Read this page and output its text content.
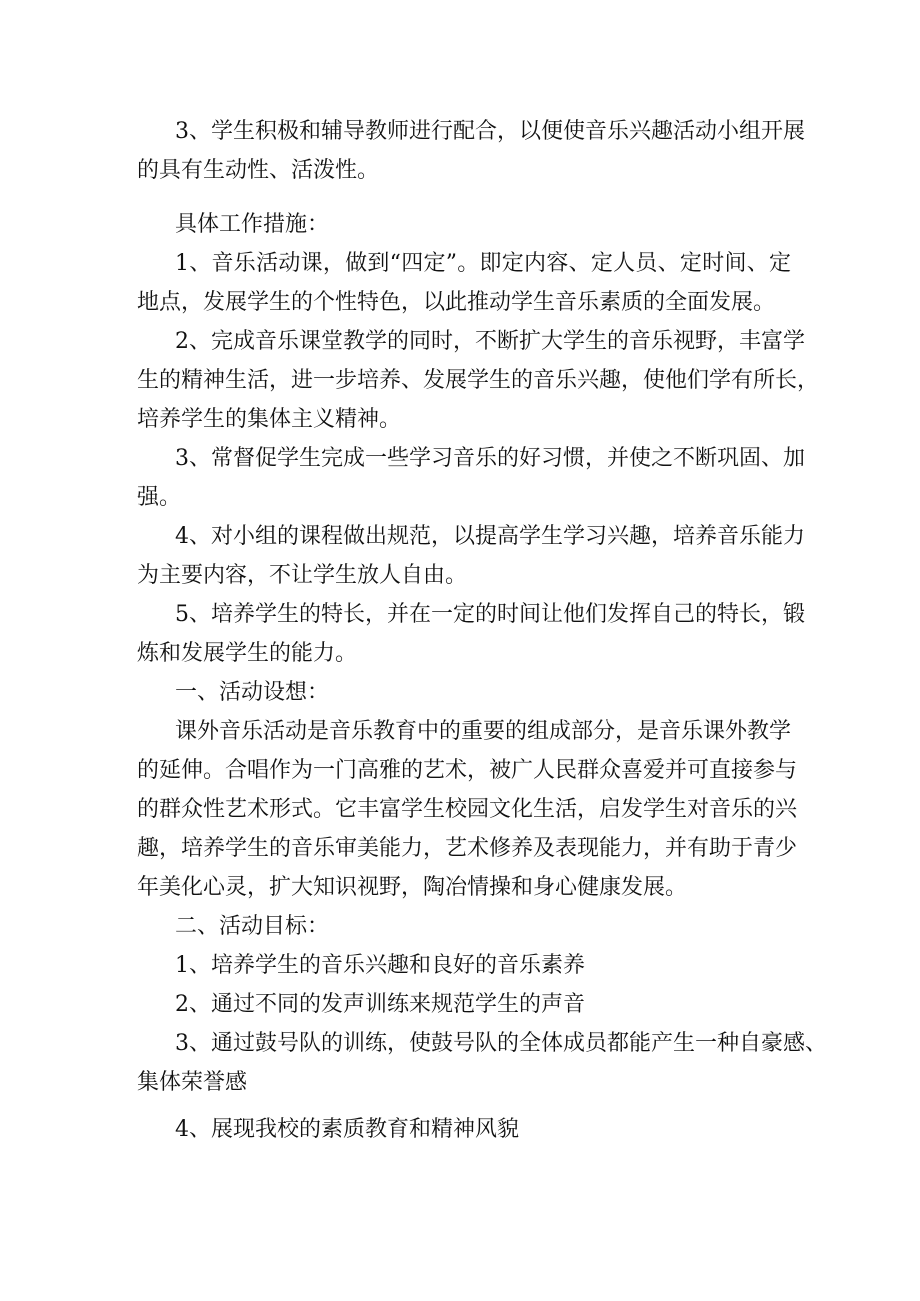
3、学生积极和辅导教师进行配合，以便使音乐兴趣活动小组开展
的具有生动性、活泼性。
具体工作措施：
1、音乐活动课，做到“四定”。即定内容、定人员、定时间、定
地点，发展学生的个性特色，以此推动学生音乐素质的全面发展。
2、完成音乐课堂教学的同时，不断扩大学生的音乐视野，丰富学
生的精神生活，进一步培养、发展学生的音乐兴趣，使他们学有所长，
培养学生的集体主义精神。
3、常督促学生完成一些学习音乐的好习惯，并使之不断巩固、加
强。
4、对小组的课程做出规范，以提高学生学习兴趣，培养音乐能力
为主要内容，不让学生放人自由。
5、培养学生的特长，并在一定的时间让他们发挥自己的特长，锻
炼和发展学生的能力。
一、活动设想：
课外音乐活动是音乐教育中的重要的组成部分，是音乐课外教学
的延伸。合唱作为一门高雅的艺术，被广人民群众喜爱并可直接参与
的群众性艺术形式。它丰富学生校园文化生活，启发学生对音乐的兴
趣，培养学生的音乐审美能力，艺术修养及表现能力，并有助于青少
年美化心灵，扩大知识视野，陶冶情操和身心健康发展。
二、活动目标：
1、培养学生的音乐兴趣和良好的音乐素养
2、通过不同的发声训练来规范学生的声音
3、通过鼓号队的训练，使鼓号队的全体成员都能产生一种自豪感、
集体荣誉感
4、展现我校的素质教育和精神风貌
